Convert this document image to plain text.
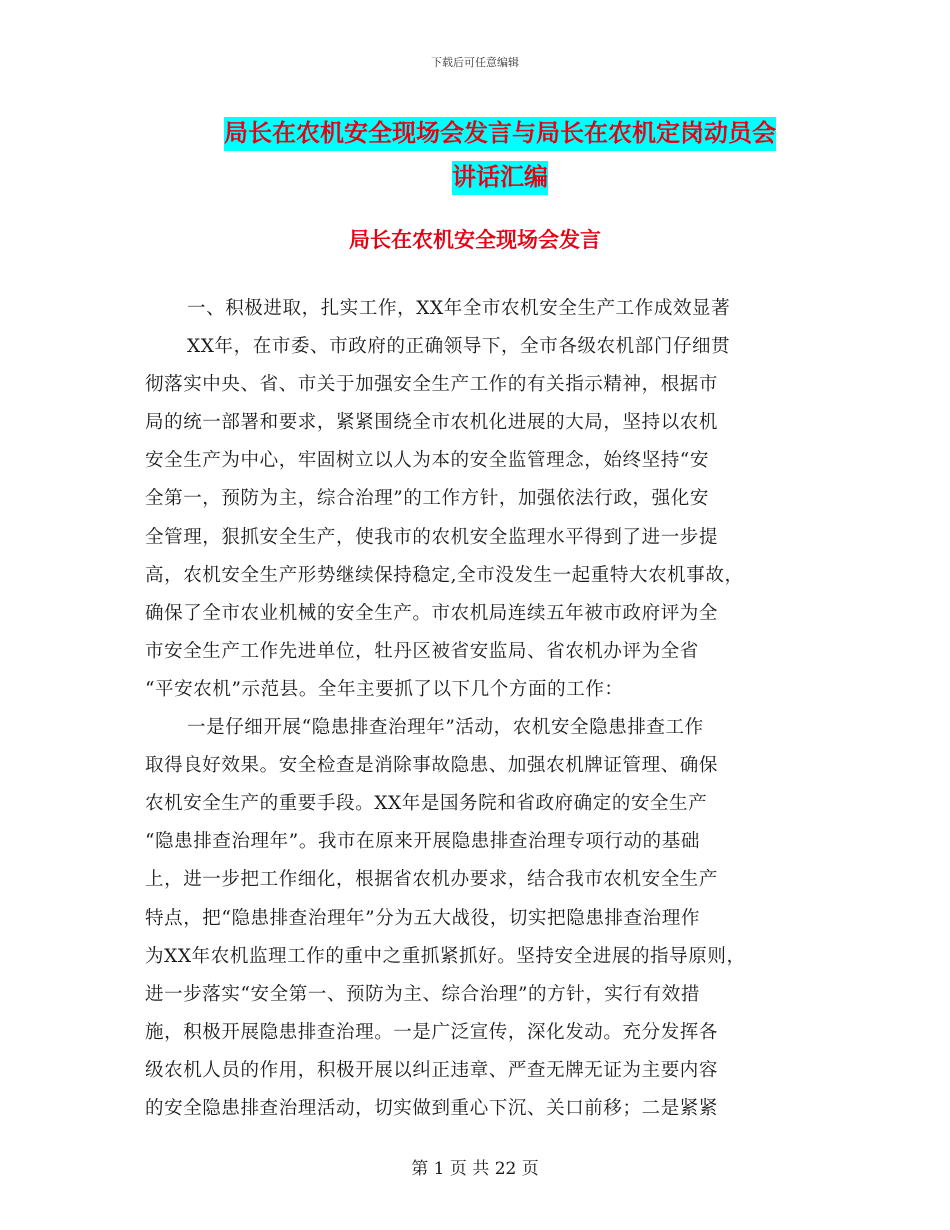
下载后可任意编辑
局长在农机安全现场会发言与局长在农机定岗动员会
讲话汇编
局长在农机安全现场会发言
一、积极进取，扎实工作，XX年全市农机安全生产工作成效显著
XX年，在市委、市政府的正确领导下，全市各级农机部门仔细贯
彻落实中央、省、市关于加强安全生产工作的有关指示精神，根据市
局的统一部署和要求，紧紧围绕全市农机化进展的大局，坚持以农机
安全生产为中心，牢固树立以人为本的安全监管理念，始终坚持“安
全第一，预防为主，综合治理”的工作方针，加强依法行政，强化安
全管理，狠抓安全生产，使我市的农机安全监理水平得到了进一步提
高，农机安全生产形势继续保持稳定,全市没发生一起重特大农机事故，
确保了全市农业机械的安全生产。市农机局连续五年被市政府评为全
市安全生产工作先进单位，牡丹区被省安监局、省农机办评为全省
“平安农机”示范县。全年主要抓了以下几个方面的工作：
一是仔细开展“隐患排查治理年”活动，农机安全隐患排查工作
取得良好效果。安全检查是消除事故隐患、加强农机牌证管理、确保
农机安全生产的重要手段。XX年是国务院和省政府确定的安全生产
“隐患排查治理年”。我市在原来开展隐患排查治理专项行动的基础
上，进一步把工作细化，根据省农机办要求，结合我市农机安全生产
特点，把“隐患排查治理年”分为五大战役，切实把隐患排查治理作
为XX年农机监理工作的重中之重抓紧抓好。坚持安全进展的指导原则，
进一步落实“安全第一、预防为主、综合治理”的方针，实行有效措
施，积极开展隐患排查治理。一是广泛宣传，深化发动。充分发挥各
级农机人员的作用，积极开展以纠正违章、严查无牌无证为主要内容
的安全隐患排查治理活动，切实做到重心下沉、关口前移；二是紧紧
第 1 页 共 22 页
